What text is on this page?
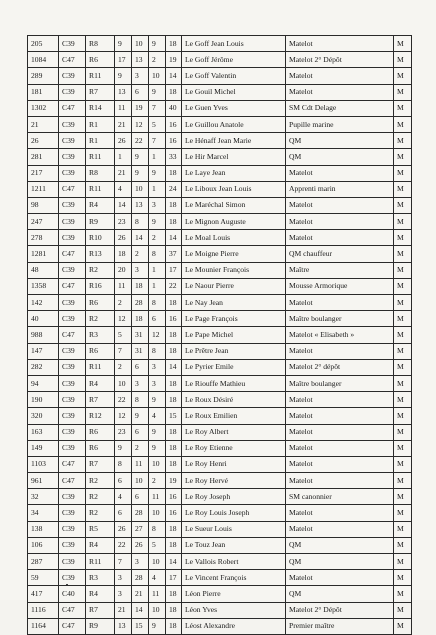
205	C39	R8	9	10	9	18	Le Goff Jean Louis	Matelot	M
1084	C47	R6	17	13	2	19	Le Goff Jérôme	Matelot 2° Dépôt	M
289	C39	R11	9	3	10	14	Le Goff Valentin	Matelot	M
181	C39	R7	13	6	9	18	Le Gouil Michel	Matelot	M
1302	C47	R14	11	19	7	40	Le Guen Yves	SM Cdt Delage	M
21	C39	R1	21	12	5	16	Le Guillou Anatole	Pupille marine	M
26	C39	R1	26	22	7	16	Le Hénaff Jean Marie	QM	M
281	C39	R11	1	9	1	33	Le Hir Marcel	QM	M
217	C39	R8	21	9	9	18	Le Laye Jean	Matelot	M
1211	C47	R11	4	10	1	24	Le Liboux Jean Louis	Apprenti marin	M
98	C39	R4	14	13	3	18	Le Maréchal Simon	Matelot	M
247	C39	R9	23	8	9	18	Le Mignon Auguste	Matelot	M
278	C39	R10	26	14	2	14	Le Moal Louis	Matelot	M
1281	C47	R13	18	2	8	37	Le Moigne Pierre	QM chauffeur	M
48	C39	R2	20	3	1	17	Le Mounier François	Maître	M
1358	C47	R16	11	18	1	22	Le Naour Pierre	Mousse Armorique	M
142	C39	R6	2	28	8	18	Le Nay Jean	Matelot	M
40	C39	R2	12	18	6	16	Le Page François	Maître boulanger	M
988	C47	R3	5	31	12	18	Le Pape Michel	Matelot « Elisabeth »	M
147	C39	R6	7	31	8	18	Le Prêtre Jean	Matelot	M
282	C39	R11	2	6	3	14	Le Pyrier Emile	Matelot 2° dépôt	M
94	C39	R4	10	3	3	18	Le Riouffe Mathieu	Maître boulanger	M
190	C39	R7	22	8	9	18	Le Roux Désiré	Matelot	M
320	C39	R12	12	9	4	15	Le Roux Emilien	Matelot	M
163	C39	R6	23	6	9	18	Le Roy Albert	Matelot	M
149	C39	R6	9	2	9	18	Le Roy Etienne	Matelot	M
1103	C47	R7	8	11	10	18	Le Roy Henri	Matelot	M
961	C47	R2	6	10	2	19	Le Roy Hervé	Matelot	M
32	C39	R2	4	6	11	16	Le Roy Joseph	SM canonnier	M
34	C39	R2	6	28	10	16	Le Roy Louis Joseph	Matelot	M
138	C39	R5	26	27	8	18	Le Sueur Louis	Matelot	M
106	C39	R4	22	26	5	18	Le Touz Jean	QM	M
287	C39	R11	7	3	10	14	Le Vallois Robert	QM	M
59	C39	R3	3	28	4	17	Le Vincent François	Matelot	M
417	C40	R4	3	21	11	18	Léon Pierre	QM	M
1116	C47	R7	21	14	10	18	Léon Yves	Matelot 2° Dépôt	M
1164	C47	R9	13	15	9	18	Léost Alexandre	Premier maître	M
